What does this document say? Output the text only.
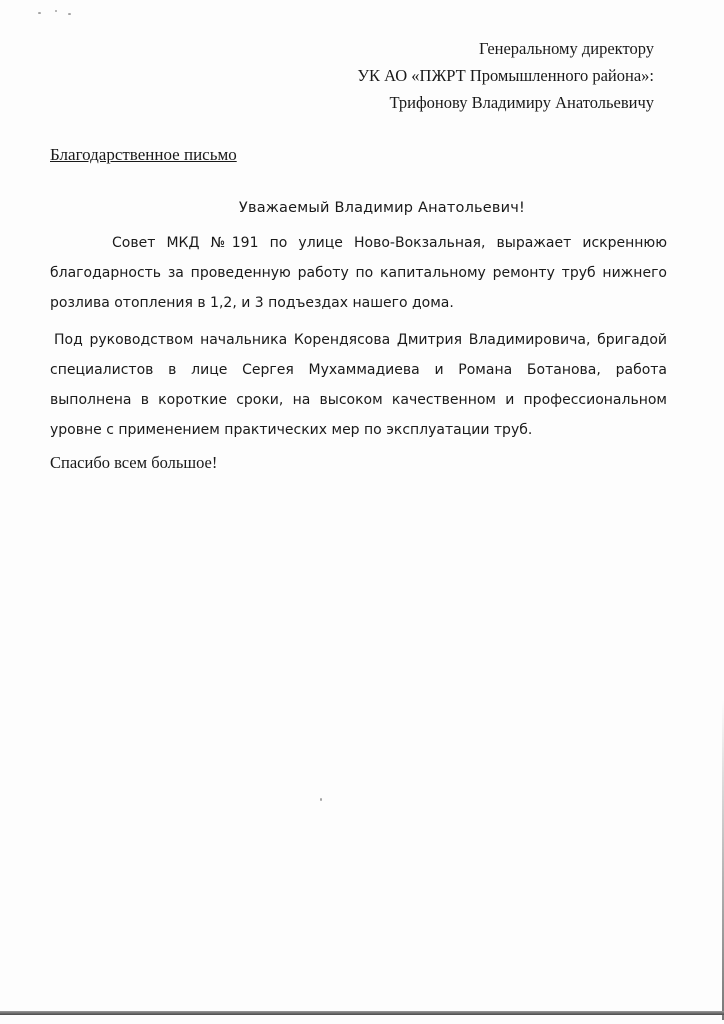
Генеральному директору
УК АО «ПЖРТ Промышленного района»:
Трифонову Владимиру Анатольевичу
Благодарственное письмо
Уважаемый Владимир Анатольевич!
Совет МКД №191 по улице Ново-Вокзальная, выражает искреннюю благодарность за проведенную работу по капитальному ремонту труб нижнего розлива отопления в 1,2, и 3 подъездах нашего дома.
Под руководством начальника Корендясова Дмитрия Владимировича, бригадой специалистов в лице Сергея Мухаммадиева и Романа Ботанова, работа выполнена в короткие сроки, на высоком качественном и профессиональном уровне с применением практических мер по эксплуатации труб.
Спасибо всем большое!
